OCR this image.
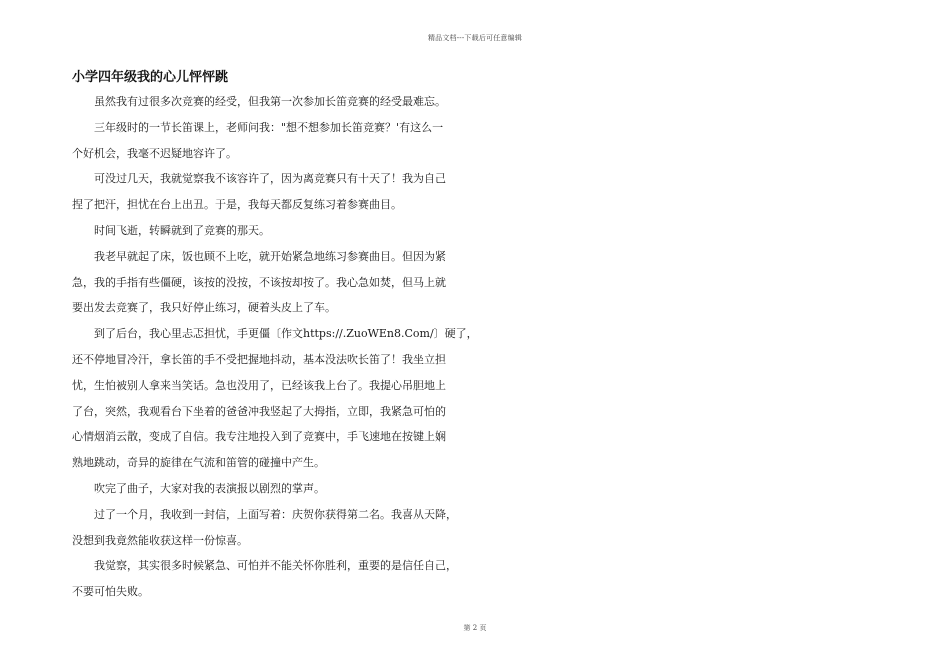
精品文档---下载后可任意编辑
小学四年级我的心儿怦怦跳
虽然我有过很多次竞赛的经受，但我第一次参加长笛竞赛的经受最难忘。
三年级时的一节长笛课上，老师问我："想不想参加长笛竞赛？'有这么一
个好机会，我毫不迟疑地容许了。
可没过几天，我就觉察我不该容许了，因为离竞赛只有十天了！我为自己
捏了把汗，担忧在台上出丑。于是，我每天都反复练习着参赛曲目。
时间飞逝，转瞬就到了竞赛的那天。
我老早就起了床，饭也顾不上吃，就开始紧急地练习参赛曲目。但因为紧
急，我的手指有些僵硬，该按的没按，不该按却按了。我心急如焚，但马上就
要出发去竞赛了，我只好停止练习，硬着头皮上了车。
到了后台，我心里忐忑担忧，手更僵〔作文https://.ZuoWEn8.Com/〕硬了，
还不停地冒冷汗，拿长笛的手不受把握地抖动，基本没法吹长笛了！我坐立担
忧，生怕被别人拿来当笑话。急也没用了，已经该我上台了。我提心吊胆地上
了台，突然，我观看台下坐着的爸爸冲我竖起了大拇指，立即，我紧急可怕的
心情烟消云散，变成了自信。我专注地投入到了竞赛中，手飞速地在按键上娴
熟地跳动，奇异的旋律在气流和笛管的碰撞中产生。
吹完了曲子，大家对我的表演报以剧烈的掌声。
过了一个月，我收到一封信，上面写着：庆贺你获得第二名。我喜从天降，
没想到我竟然能收获这样一份惊喜。
我觉察，其实很多时候紧急、可怕并不能关怀你胜利，重要的是信任自己，
不要可怕失败。
第 2 页
